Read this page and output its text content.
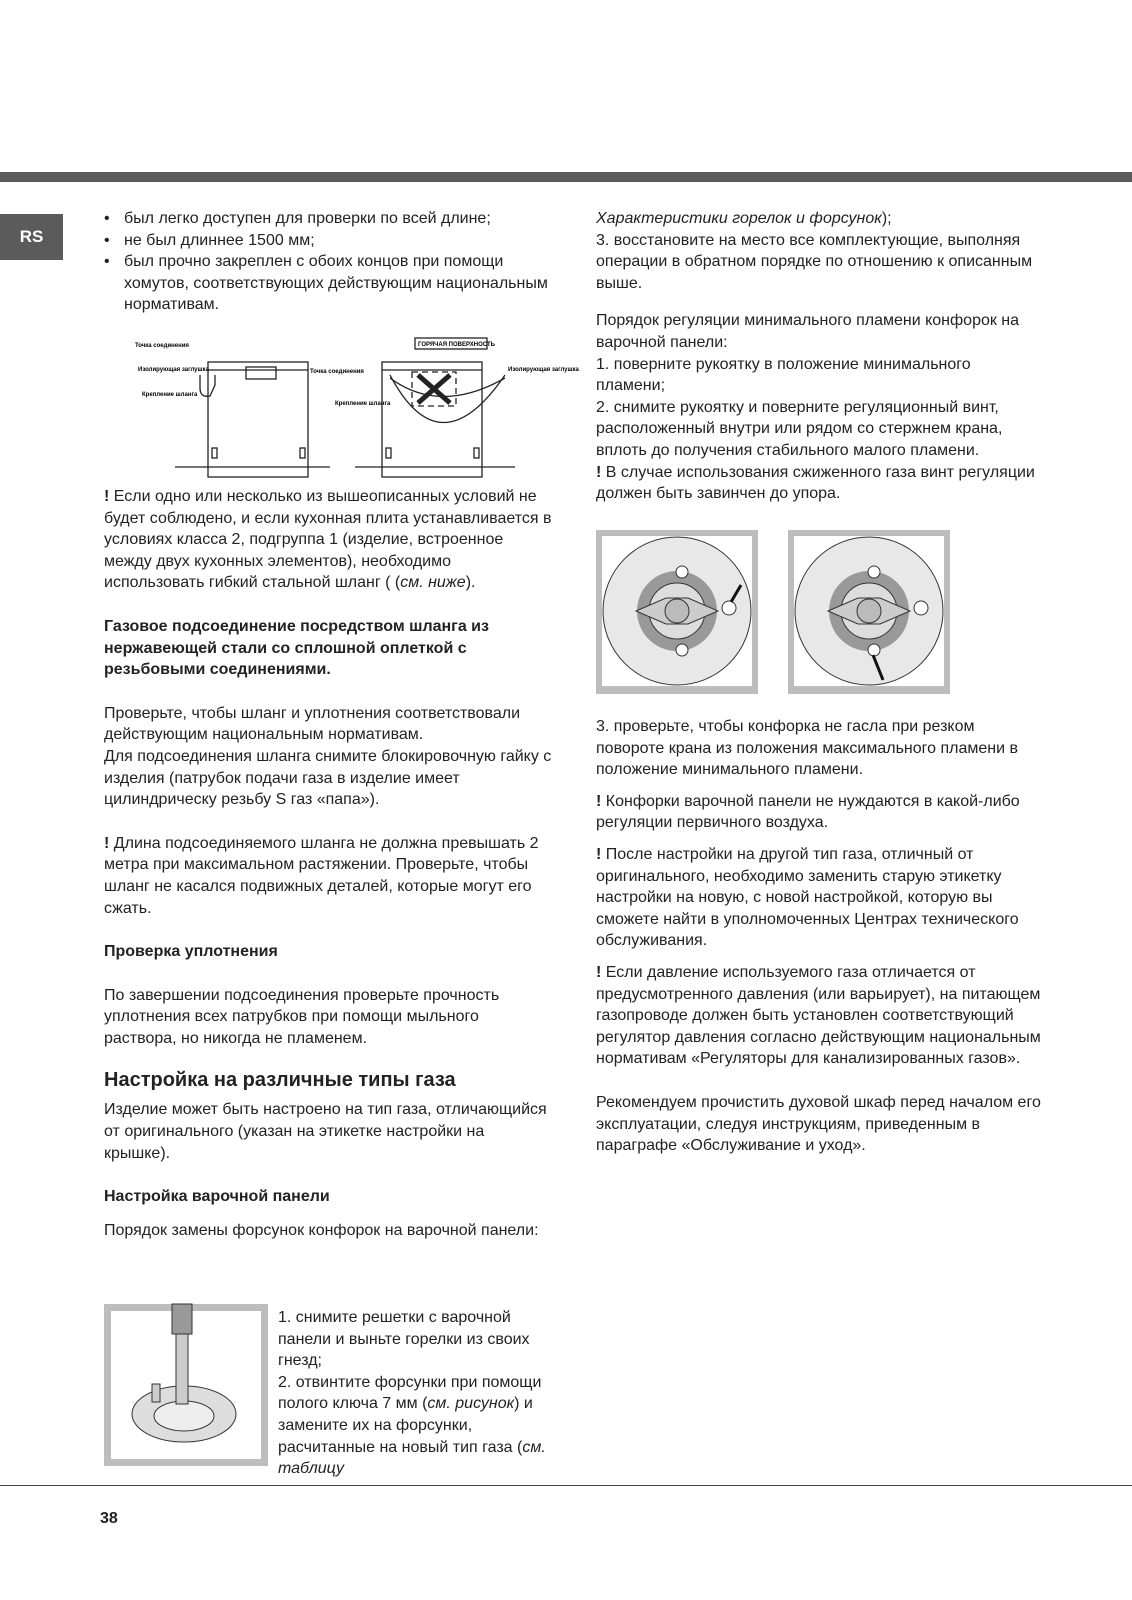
RS

• был легко доступен для проверки по всей длине;

• не был длиннее 1500 мм;

• был прочно закреплен с обоих концов при помощи хомутов, соответствующих действующим национальным нормативам.

Точка соединения
Изолирующая заглушка
Крепление шланга
Точка соединения
Крепление шланга
Изолирующая заглушка
ГОРЯЧАЯ ПОВЕРХНОСТЬ

! Если одно или несколько из вышеописанных условий не будет соблюдено, и если кухонная плита устанавливается в условиях класса 2, подгруппа 1 (изделие, встроенное между двух кухонных элементов), необходимо использовать гибкий стальной шланг ( (см. ниже).

Газовое подсоединение посредством шланга из нержавеющей стали со сплошной оплеткой с резьбовыми соединениями.

Проверьте, чтобы шланг и уплотнения соответствовали действующим национальным нормативам.

Для подсоединения шланга снимите блокировочную гайку с изделия (патрубок подачи газа в изделие имеет цилиндрическу резьбу S газ «папа»).

! Длина подсоединяемого шланга не должна превышать 2 метра при максимальном растяжении. Проверьте, чтобы шланг не касался подвижных деталей, которые могут его сжать.

Проверка уплотнения

По завершении подсоединения проверьте прочность уплотнения всех патрубков при помощи мыльного раствора, но никогда не пламенем.

Настройка на различные типы газа

Изделие может быть настроено на тип газа, отличающийся от оригинального (указан на этикетке настройки на крышке).

Настройка варочной панели

Порядок замены форсунок конфорок на варочной панели:

1. снимите решетки с варочной панели и выньте горелки из своих гнезд;

2. отвинтите форсунки при помощи полого ключа 7 мм (см. рисунок) и замените их на форсунки, расчитанные на новый тип газа (см. таблицу

Характеристики горелок и форсунок);

3. восстановите на место все комплектующие, выполняя операции в обратном порядке по отношению к описанным выше.

Порядок регуляции минимального пламени конфорок на варочной панели:

1. поверните рукоятку в положение минимального пламени;

2. снимите рукоятку и поверните регуляционный винт, расположенный внутри или рядом со стержнем крана, вплоть до получения стабильного малого пламени.

! В случае использования сжиженного газа винт регуляции должен быть завинчен до упора.

3. проверьте, чтобы конфорка не гасла при резком повороте крана из положения максимального пламени в положение минимального пламени.

! Конфорки варочной панели не нуждаются в какой-либо регуляции первичного воздуха.

! После настройки на другой тип газа, отличный от оригинального, необходимо заменить старую этикетку настройки на новую, с новой настройкой, которую вы сможете найти в уполномоченных Центрах технического обслуживания.

! Если давление используемого газа отличается от предусмотренного давления (или варьирует), на питающем газопроводе должен быть установлен соответствующий регулятор давления согласно действующим национальным нормативам «Регуляторы для канализированных газов».

Рекомендуем прочистить духовой шкаф перед началом его эксплуатации, следуя инструкциям, приведенным в параграфе «Обслуживание и уход».

38
